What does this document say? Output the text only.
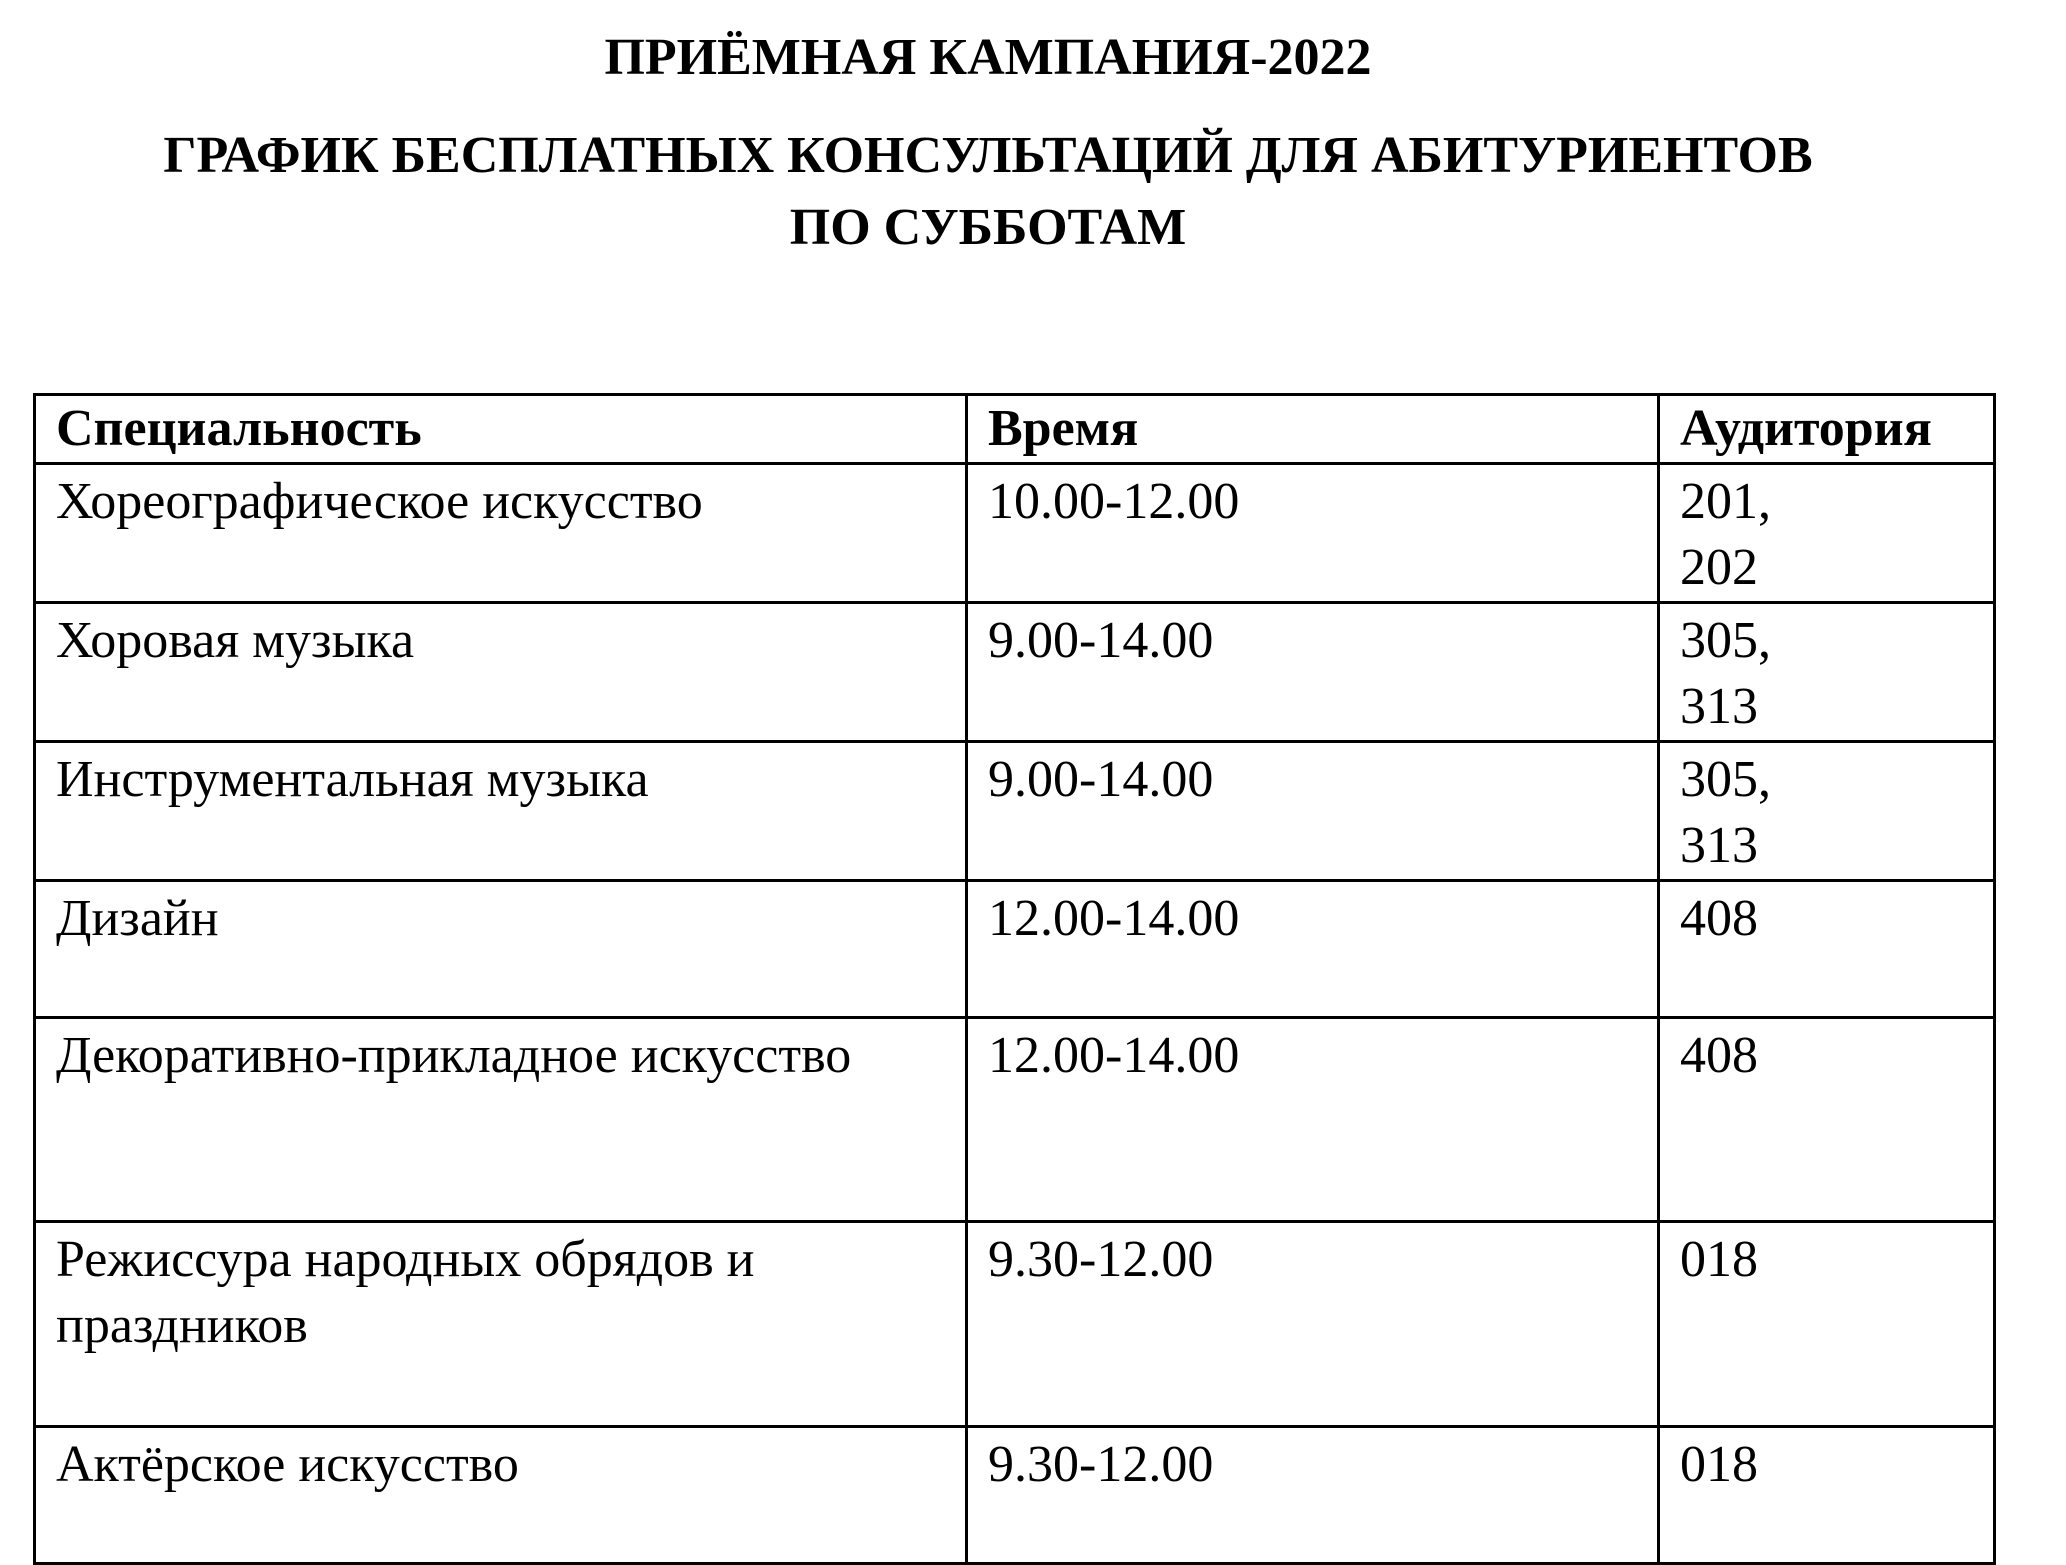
ПРИЁМНАЯ КАМПАНИЯ-2022
ГРАФИК БЕСПЛАТНЫХ КОНСУЛЬТАЦИЙ ДЛЯ АБИТУРИЕНТОВ
ПО СУББОТАМ
Специальность	Время	Аудитория
Хореографическое искусство	10.00-12.00	201,
202

Хоровая музыка	9.00-14.00	305,
313

Инструментальная музыка	9.00-14.00	305,
313

Дизайн	12.00-14.00	408
Декоративно-прикладное искусство	12.00-14.00	408
Режиссура народных обрядов и праздников	9.30-12.00	018
Актёрское искусство	9.30-12.00	018
